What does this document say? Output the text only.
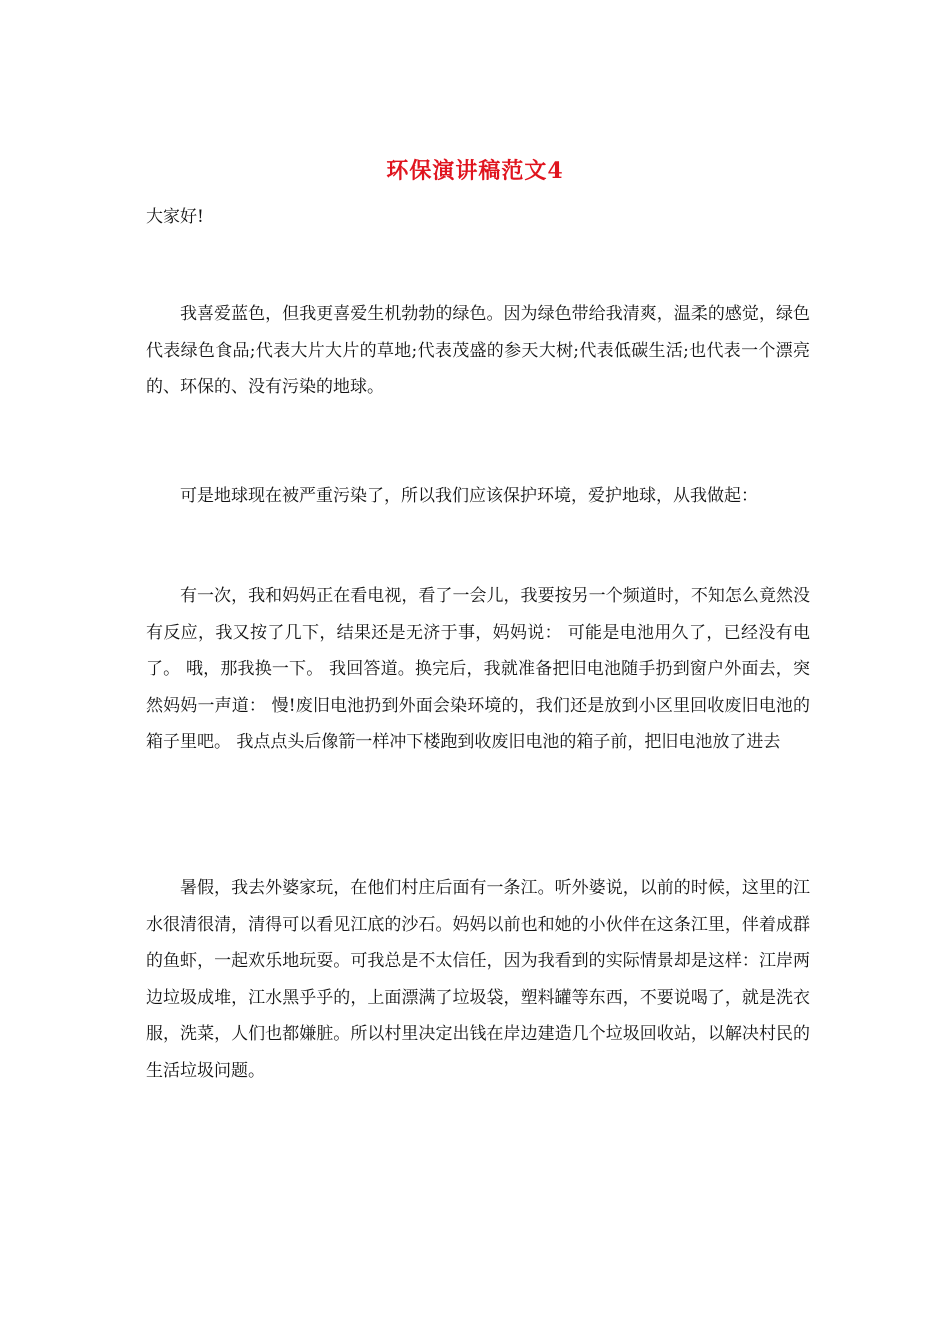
环保演讲稿范文4
大家好!

我喜爱蓝色，但我更喜爱生机勃勃的绿色。因为绿色带给我清爽，温柔的感觉，绿色代表绿色食品;代表大片大片的草地;代表茂盛的参天大树;代表低碳生活;也代表一个漂亮的、环保的、没有污染的地球。

可是地球现在被严重污染了，所以我们应该保护环境，爱护地球，从我做起：

有一次，我和妈妈正在看电视，看了一会儿，我要按另一个频道时，不知怎么竟然没有反应，我又按了几下，结果还是无济于事，妈妈说： 可能是电池用久了，已经没有电了。 哦，那我换一下。 我回答道。换完后，我就准备把旧电池随手扔到窗户外面去，突然妈妈一声道： 慢!废旧电池扔到外面会染环境的，我们还是放到小区里回收废旧电池的箱子里吧。 我点点头后像箭一样冲下楼跑到收废旧电池的箱子前，把旧电池放了进去

暑假，我去外婆家玩，在他们村庄后面有一条江。听外婆说，以前的时候，这里的江水很清很清，清得可以看见江底的沙石。妈妈以前也和她的小伙伴在这条江里，伴着成群的鱼虾，一起欢乐地玩耍。可我总是不太信任，因为我看到的实际情景却是这样：江岸两边垃圾成堆，江水黑乎乎的，上面漂满了垃圾袋，塑料罐等东西，不要说喝了，就是洗衣服，洗菜，人们也都嫌脏。所以村里决定出钱在岸边建造几个垃圾回收站，以解决村民的生活垃圾问题。
